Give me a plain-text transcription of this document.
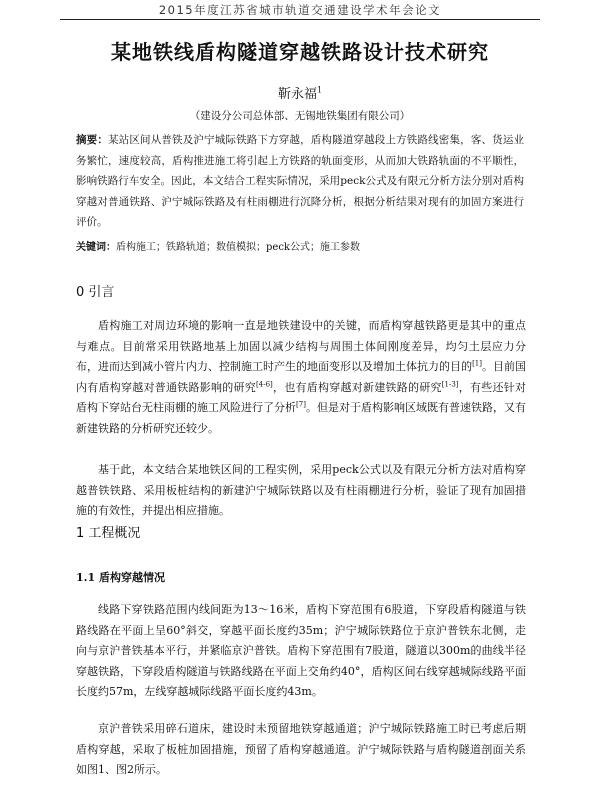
2015年度江苏省城市轨道交通建设学术年会论文
某地铁线盾构隧道穿越铁路设计技术研究
靳永福$^1$
（建设分公司总体部、无锡地铁集团有限公司）
摘要：某站区间从普铁及沪宁城际铁路下方穿越，盾构隧道穿越段上方铁路线密集，客、货运业务繁忙，速度较高，盾构推进施工将引起上方铁路的轨面变形，从而加大铁路轨面的不平顺性，影响铁路行车安全。因此，本文结合工程实际情况，采用peck公式及有限元分析方法分别对盾构穿越对普通铁路、沪宁城际铁路及有柱雨棚进行沉降分析，根据分析结果对现有的加固方案进行评价。
关键词：盾构施工；铁路轨道；数值模拟；peck公式；施工参数
0 引言
盾构施工对周边环境的影响一直是地铁建设中的关键，而盾构穿越铁路更是其中的重点与难点。目前常采用铁路地基上加固以减少结构与周围土体间刚度差异，均匀土层应力分布，进而达到减小管片内力、控制施工时产生的地面变形以及增加土体抗力的目的[1]。目前国内有盾构穿越对普通铁路影响的研究[4-6]，也有盾构穿越对新建铁路的研究[1-3]，有些还针对盾构下穿站台无柱雨棚的施工风险进行了分析[7]。但是对于盾构影响区域既有普速铁路，又有新建铁路的分析研究还较少。
基于此，本文结合某地铁区间的工程实例，采用peck公式以及有限元分析方法对盾构穿越普铁铁路、采用板桩结构的新建沪宁城际铁路以及有柱雨棚进行分析，验证了现有加固措施的有效性，并提出相应措施。
1 工程概况
1.1 盾构穿越情况
线路下穿铁路范围内线间距为13～16米，盾构下穿范围有6股道，下穿段盾构隧道与铁路线路在平面上呈60°斜交，穿越平面长度约35m；沪宁城际铁路位于京沪普铁东北侧，走向与京沪普铁基本平行，并紧临京沪普铁。盾构下穿范围有7股道，隧道以300m的曲线半径穿越铁路，下穿段盾构隧道与铁路线路在平面上交角约40°，盾构区间右线穿越城际线路平面长度约57m，左线穿越城际线路平面长度约43m。
京沪普铁采用碎石道床，建设时未预留地铁穿越通道；沪宁城际铁路施工时已考虑后期盾构穿越，采取了板桩加固措施，预留了盾构穿越通道。沪宁城际铁路与盾构隧道剖面关系如图1、图2所示。
